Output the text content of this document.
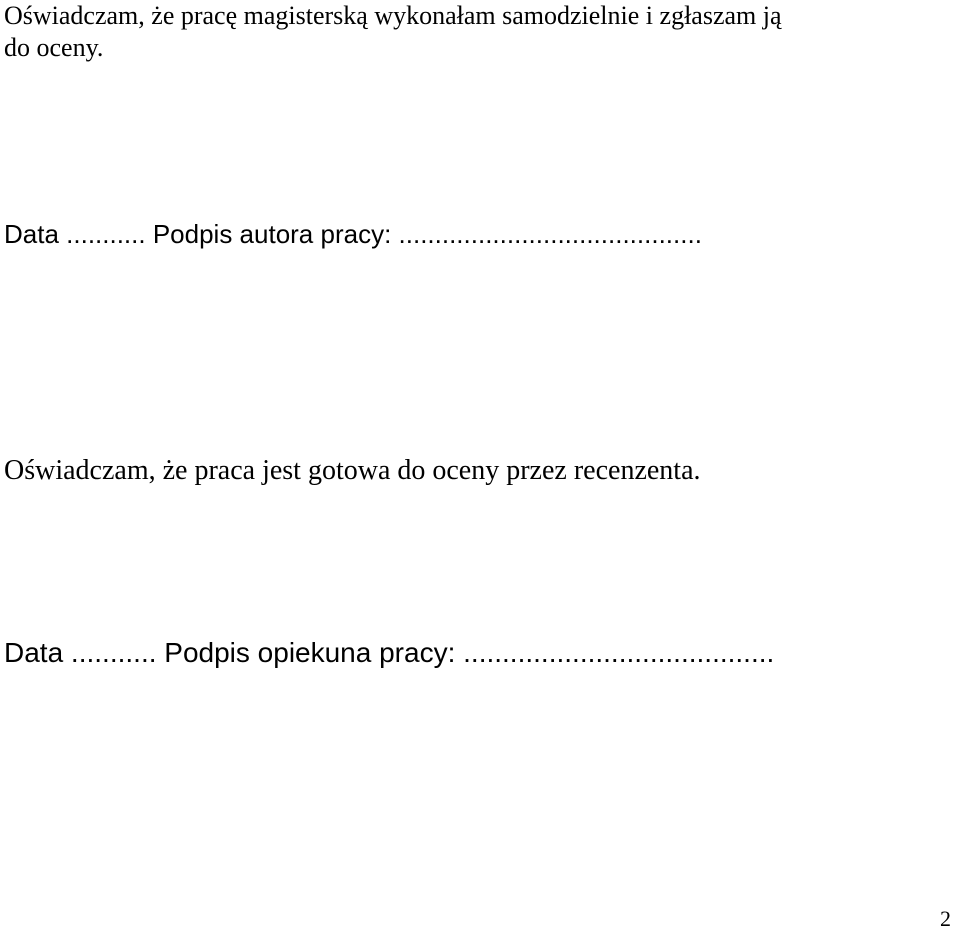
Oświadczam, że pracę magisterską wykonałam samodzielnie i zgłaszam ją
do oceny.
Data ........... Podpis autora pracy: ..........................................
Oświadczam, że praca jest gotowa do oceny przez recenzenta.
Data ........... Podpis opiekuna pracy: ........................................
2
